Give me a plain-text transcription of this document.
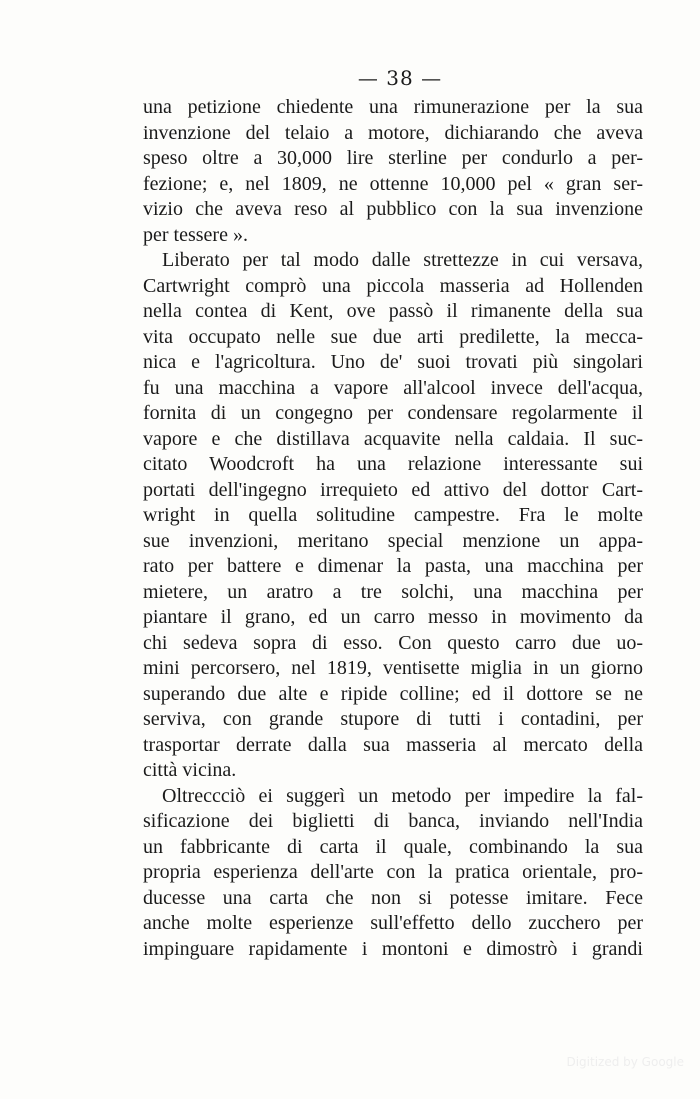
— 38 —
una petizione chiedente una rimunerazione per la sua
invenzione del telaio a motore, dichiarando che aveva
speso oltre a 30,000 lire sterline per condurlo a per-
fezione; e, nel 1809, ne ottenne 10,000 pel « gran ser-
vizio che aveva reso al pubblico con la sua invenzione
per tessere ».
Liberato per tal modo dalle strettezze in cui versava,
Cartwright comprò una piccola masseria ad Hollenden
nella contea di Kent, ove passò il rimanente della sua
vita occupato nelle sue due arti predilette, la mecca-
nica e l'agricoltura. Uno de' suoi trovati più singolari
fu una macchina a vapore all'alcool invece dell'acqua,
fornita di un congegno per condensare regolarmente il
vapore e che distillava acquavite nella caldaia. Il suc-
citato Woodcroft ha una relazione interessante sui
portati dell'ingegno irrequieto ed attivo del dottor Cart-
wright in quella solitudine campestre. Fra le molte
sue invenzioni, meritano special menzione un appa-
rato per battere e dimenar la pasta, una macchina per
mietere, un aratro a tre solchi, una macchina per
piantare il grano, ed un carro messo in movimento da
chi sedeva sopra di esso. Con questo carro due uo-
mini percorsero, nel 1819, ventisette miglia in un giorno
superando due alte e ripide colline; ed il dottore se ne
serviva, con grande stupore di tutti i contadini, per
trasportar derrate dalla sua masseria al mercato della
città vicina.
Oltreccciò ei suggerì un metodo per impedire la fal-
sificazione dei biglietti di banca, inviando nell'India
un fabbricante di carta il quale, combinando la sua
propria esperienza dell'arte con la pratica orientale, pro-
ducesse una carta che non si potesse imitare. Fece
anche molte esperienze sull'effetto dello zucchero per
impinguare rapidamente i montoni e dimostrò i grandi
Digitized by Google
